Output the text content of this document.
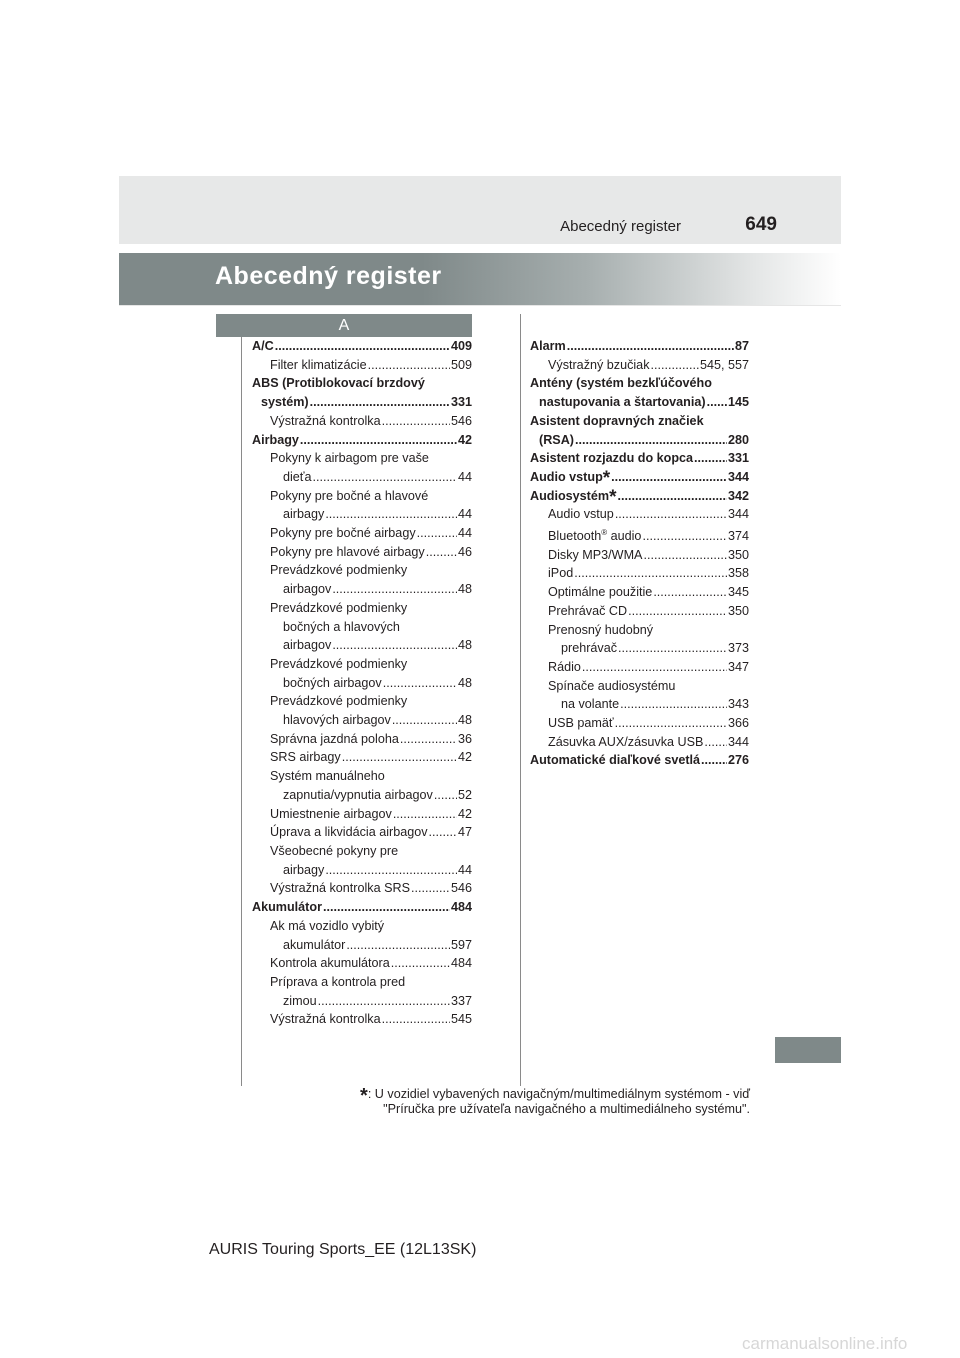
Abecedný register	649
Abecedný register
A
A/C .....	409
Filter klimatizácie .....	509
ABS (Protiblokovací brzdový
systém) .....	331
Výstražná kontrolka .....	546
Airbagy .....	42
Pokyny k airbagom pre vaše
dieťa .....	44
Pokyny pre bočné a hlavové
airbagy .....	44
Pokyny pre bočné airbagy .....	44
Pokyny pre hlavové airbagy .....	46
Prevádzkové podmienky
airbagov .....	48
Prevádzkové podmienky
bočných a hlavových
airbagov .....	48
Prevádzkové podmienky
bočných airbagov .....	48
Prevádzkové podmienky
hlavových airbagov .....	48
Správna jazdná poloha .....	36
SRS airbagy .....	42
Systém manuálneho
zapnutia/vypnutia airbagov ..... 52
Umiestnenie airbagov .....	42
Úprava a likvidácia airbagov ..... 47
Všeobecné pokyny pre
airbagy .....	44
Výstražná kontrolka SRS .....	546
Akumulátor .....	484
Ak má vozidlo vybitý
akumulátor .....	597
Kontrola akumulátora .....	484
Príprava a kontrola pred
zimou .....	337
Výstražná kontrolka .....	545
Alarm .....	87
Výstražný bzučiak .....	545, 557
Antény (systém bezkľúčového
nastupovania a štartovania) ..... 145
Asistent dopravných značiek
(RSA) .....	280
Asistent rozjazdu do kopca .....	331
Audio vstup* .....	344
Audiosystém* .....	342
Audio vstup .....	344
Bluetooth® audio .....	374
Disky MP3/WMA .....	350
iPod .....	358
Optimálne použitie .....	345
Prehrávač CD .....	350
Prenosný hudobný
prehrávač .....	373
Rádio .....	347
Spínače audiosystému
na volante .....	343
USB pamäť .....	366
Zásuvka AUX/zásuvka USB ..... 344
Automatické diaľkové svetlá ..... 276
*: U vozidiel vybavených navigačným/multimediálnym systémom - viď
"Príručka pre užívateľa navigačného a multimediálneho systému".
AURIS Touring Sports_EE (12L13SK)
carmanualsonline.info
